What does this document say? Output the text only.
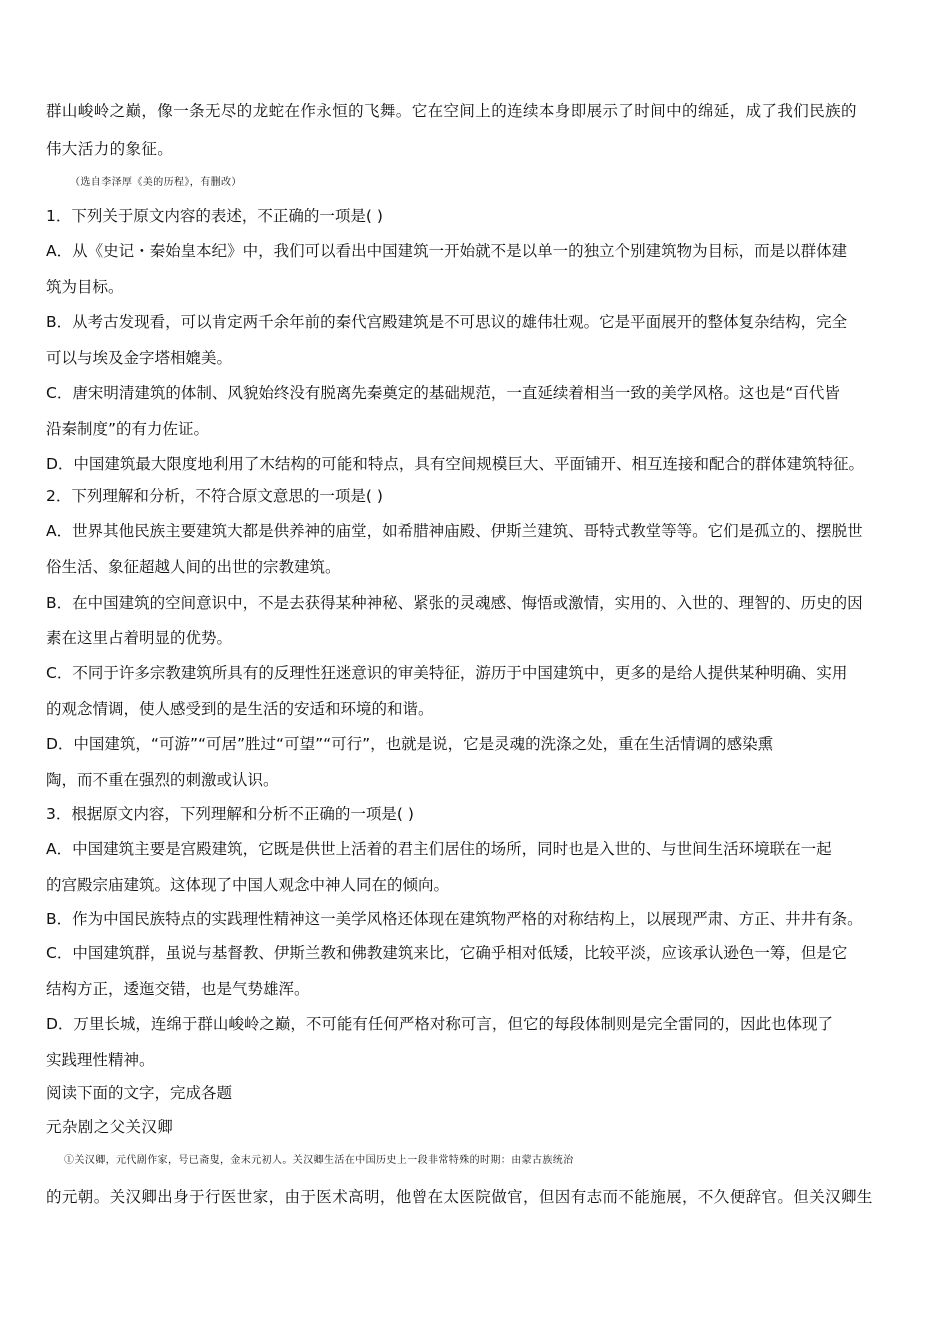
群山峻岭之巅，像一条无尽的龙蛇在作永恒的飞舞。它在空间上的连续本身即展示了时间中的绵延，成了我们民族的
伟大活力的象征。
（选自李泽厚《美的历程》，有删改）
1．下列关于原文内容的表述，不正确的一项是( )
A．从《史记・秦始皇本纪》中，我们可以看出中国建筑一开始就不是以单一的独立个别建筑物为目标，而是以群体建
筑为目标。
B．从考古发现看，可以肯定两千余年前的秦代宫殿建筑是不可思议的雄伟壮观。它是平面展开的整体复杂结构，完全
可以与埃及金字塔相媲美。
C．唐宋明清建筑的体制、风貌始终没有脱离先秦奠定的基础规范，一直延续着相当一致的美学风格。这也是“百代皆
沿秦制度”的有力佐证。
D．中国建筑最大限度地利用了木结构的可能和特点，具有空间规模巨大、平面铺开、相互连接和配合的群体建筑特征。
2．下列理解和分析，不符合原文意思的一项是( )
A．世界其他民族主要建筑大都是供养神的庙堂，如希腊神庙殿、伊斯兰建筑、哥特式教堂等等。它们是孤立的、摆脱世
俗生活、象征超越人间的出世的宗教建筑。
B．在中国建筑的空间意识中，不是去获得某种神秘、紧张的灵魂感、悔悟或激情，实用的、入世的、理智的、历史的因
素在这里占着明显的优势。
C．不同于许多宗教建筑所具有的反理性狂迷意识的审美特征，游历于中国建筑中，更多的是给人提供某种明确、实用
的观念情调，使人感受到的是生活的安适和环境的和谐。
D．中国建筑，“可游”“可居”胜过“可望”“可行”，也就是说，它是灵魂的洗涤之处，重在生活情调的感染熏
陶，而不重在强烈的刺激或认识。
3．根据原文内容，下列理解和分析不正确的一项是( )
A．中国建筑主要是宫殿建筑，它既是供世上活着的君主们居住的场所，同时也是入世的、与世间生活环境联在一起
的宫殿宗庙建筑。这体现了中国人观念中神人同在的倾向。
B．作为中国民族特点的实践理性精神这一美学风格还体现在建筑物严格的对称结构上，以展现严肃、方正、井井有条。
C．中国建筑群，虽说与基督教、伊斯兰教和佛教建筑来比，它确乎相对低矮，比较平淡，应该承认逊色一筹，但是它
结构方正，逶迤交错，也是气势雄浑。
D．万里长城，连绵于群山峻岭之巅，不可能有任何严格对称可言，但它的每段体制则是完全雷同的，因此也体现了
实践理性精神。
阅读下面的文字，完成各题
元杂剧之父关汉卿
①关汉卿，元代剧作家，号已斋叟，金末元初人。关汉卿生活在中国历史上一段非常特殊的时期：由蒙古族统治
的元朝。关汉卿出身于行医世家，由于医术高明，他曾在太医院做官，但因有志而不能施展，不久便辞官。但关汉卿生
